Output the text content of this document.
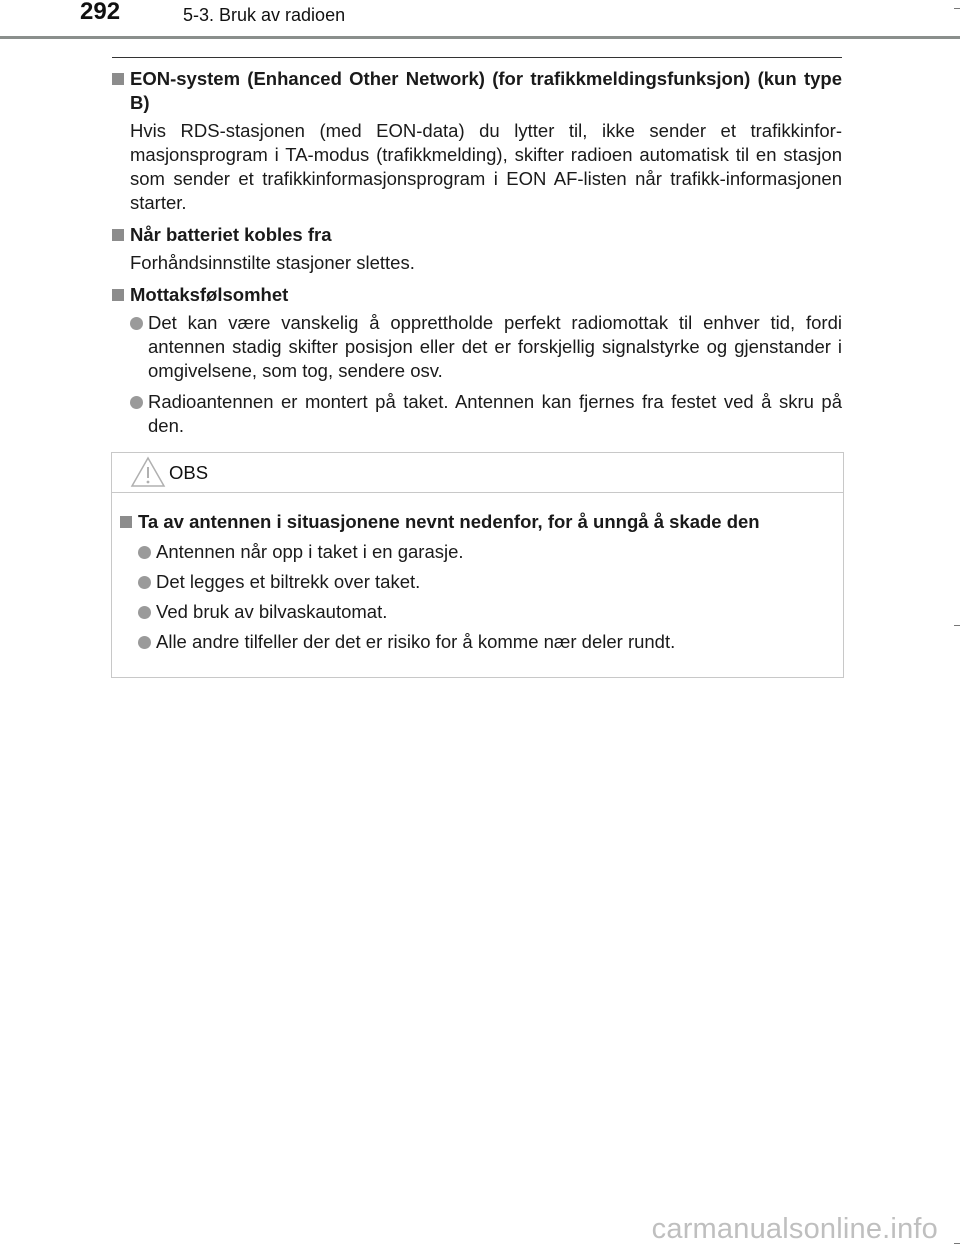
292	5-3. Bruk av radioen
EON-system (Enhanced Other Network) (for trafikkmeldingsfunksjon) (kun type B)
Hvis RDS-stasjonen (med EON-data) du lytter til, ikke sender et trafikkinfor-masjonsprogram i TA-modus (trafikkmelding), skifter radioen automatisk til en stasjon som sender et trafikkinformasjonsprogram i EON AF-listen når trafikk-informasjonen starter.
Når batteriet kobles fra
Forhåndsinnstilte stasjoner slettes.
Mottaksfølsomhet
Det kan være vanskelig å opprettholde perfekt radiomottak til enhver tid, fordi antennen stadig skifter posisjon eller det er forskjellig signalstyrke og gjenstander i omgivelsene, som tog, sendere osv.
Radioantennen er montert på taket. Antennen kan fjernes fra festet ved å skru på den.
OBS
Ta av antennen i situasjonene nevnt nedenfor, for å unngå å skade den
Antennen når opp i taket i en garasje.
Det legges et biltrekk over taket.
Ved bruk av bilvaskautomat.
Alle andre tilfeller der det er risiko for å komme nær deler rundt.
carmanualsonline.info
